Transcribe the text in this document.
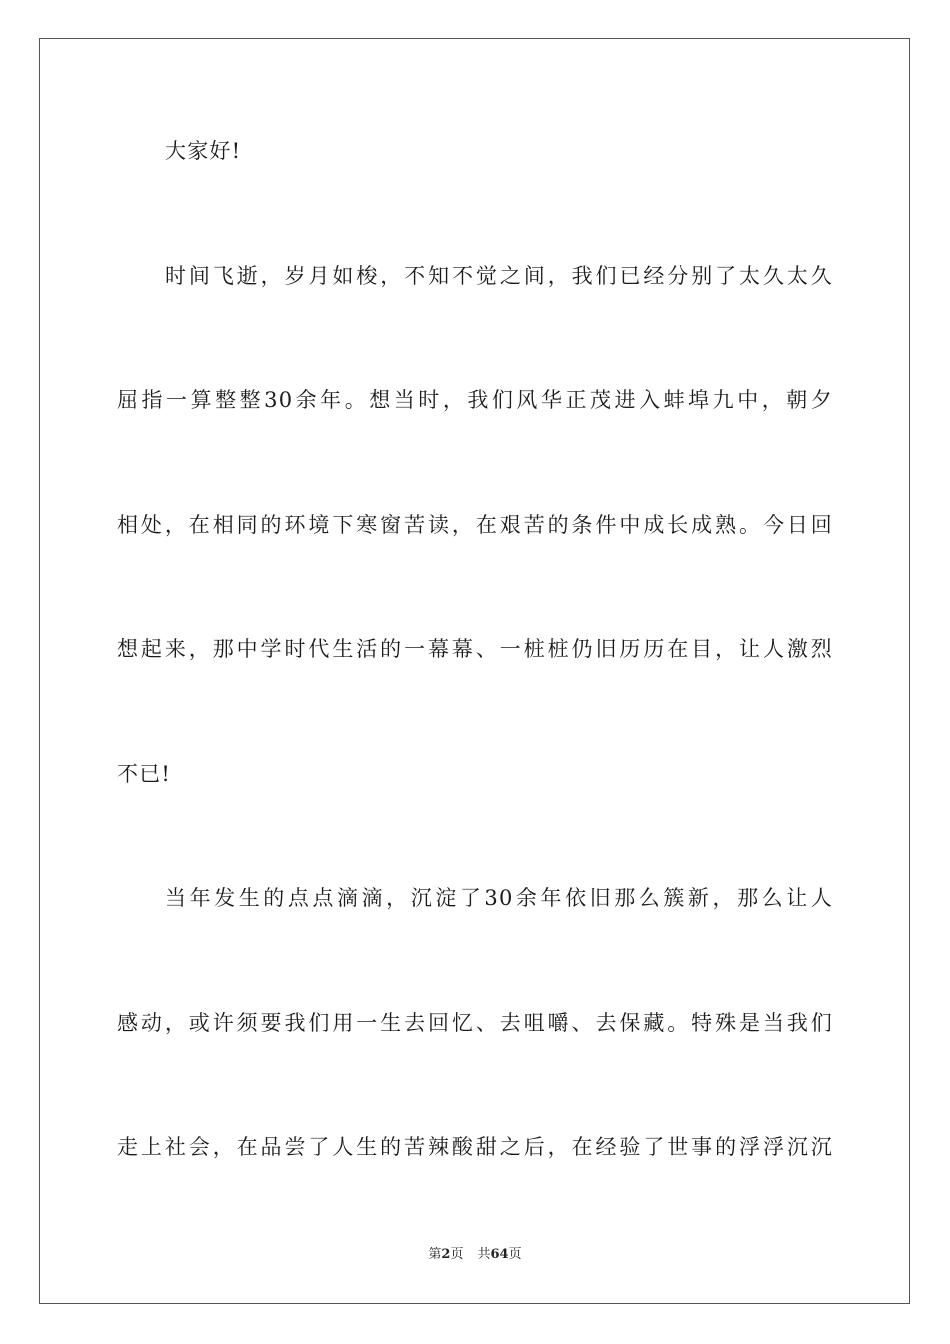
大家好!
时间飞逝，岁月如梭，不知不觉之间，我们已经分别了太久太久
屈指一算整整30余年。想当时，我们风华正茂进入蚌埠九中，朝夕
相处，在相同的环境下寒窗苦读，在艰苦的条件中成长成熟。今日回
想起来，那中学时代生活的一幕幕、一桩桩仍旧历历在目，让人激烈
不已!
当年发生的点点滴滴，沉淀了30余年依旧那么簇新，那么让人
感动，或许须要我们用一生去回忆、去咀嚼、去保藏。特殊是当我们
走上社会，在品尝了人生的苦辣酸甜之后，在经验了世事的浮浮沉沉
第2页 共64页
